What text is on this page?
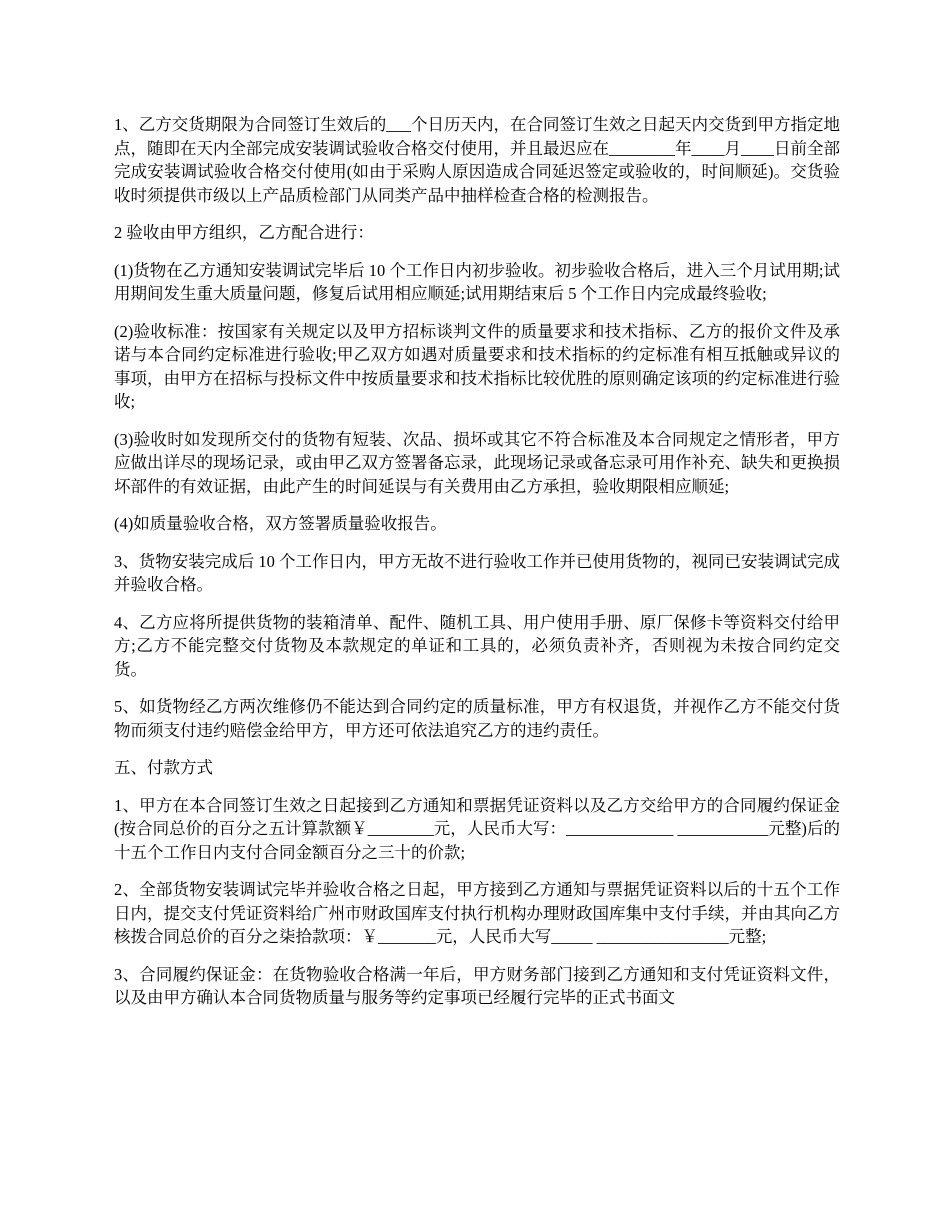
1、乙方交货期限为合同签订生效后的___个日历天内，在合同签订生效之日起天内交货到甲方指定地点，随即在天内全部完成安装调试验收合格交付使用，并且最迟应在________年____月____日前全部完成安装调试验收合格交付使用(如由于采购人原因造成合同延迟签定或验收的，时间顺延)。交货验收时须提供市级以上产品质检部门从同类产品中抽样检查合格的检测报告。

2 验收由甲方组织，乙方配合进行：

(1)货物在乙方通知安装调试完毕后 10 个工作日内初步验收。初步验收合格后，进入三个月试用期;试用期间发生重大质量问题，修复后试用相应顺延;试用期结束后 5 个工作日内完成最终验收;

(2)验收标准：按国家有关规定以及甲方招标谈判文件的质量要求和技术指标、乙方的报价文件及承诺与本合同约定标准进行验收;甲乙双方如遇对质量要求和技术指标的约定标准有相互抵触或异议的事项，由甲方在招标与投标文件中按质量要求和技术指标比较优胜的原则确定该项的约定标准进行验收;

(3)验收时如发现所交付的货物有短装、次品、损坏或其它不符合标准及本合同规定之情形者，甲方应做出详尽的现场记录，或由甲乙双方签署备忘录，此现场记录或备忘录可用作补充、缺失和更换损坏部件的有效证据，由此产生的时间延误与有关费用由乙方承担，验收期限相应顺延;

(4)如质量验收合格，双方签署质量验收报告。

3、货物安装完成后 10 个工作日内，甲方无故不进行验收工作并已使用货物的，视同已安装调试完成并验收合格。

4、乙方应将所提供货物的装箱清单、配件、随机工具、用户使用手册、原厂保修卡等资料交付给甲方;乙方不能完整交付货物及本款规定的单证和工具的，必须负责补齐，否则视为未按合同约定交货。

5、如货物经乙方两次维修仍不能达到合同约定的质量标准，甲方有权退货，并视作乙方不能交付货物而须支付违约赔偿金给甲方，甲方还可依法追究乙方的违约责任。

五、付款方式

1、甲方在本合同签订生效之日起接到乙方通知和票据凭证资料以及乙方交给甲方的合同履约保证金(按合同总价的百分之五计算款额￥________元，人民币大写：_____________ ___________元整)后的十五个工作日内支付合同金额百分之三十的价款;

2、全部货物安装调试完毕并验收合格之日起，甲方接到乙方通知与票据凭证资料以后的十五个工作日内，提交支付凭证资料给广州市财政国库支付执行机构办理财政国库集中支付手续，并由其向乙方核拨合同总价的百分之柒拾款项：￥_______元，人民币大写_____ ________________元整;

3、合同履约保证金：在货物验收合格满一年后，甲方财务部门接到乙方通知和支付凭证资料文件，以及由甲方确认本合同货物质量与服务等约定事项已经履行完毕的正式书面文
